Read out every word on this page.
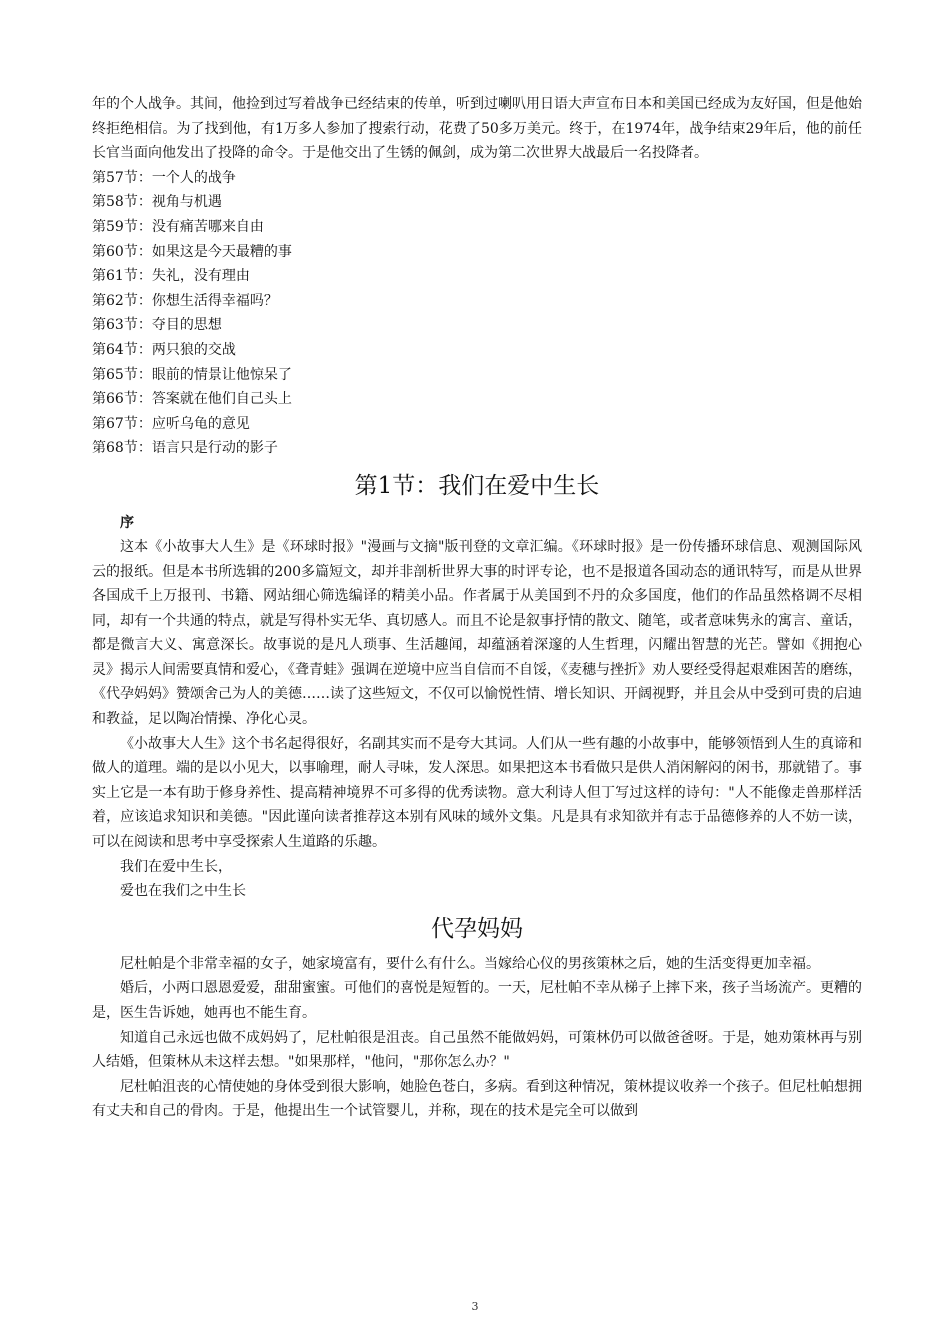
年的个人战争。其间，他捡到过写着战争已经结束的传单，听到过喇叭用日语大声宣布日本和美国已经成为友好国，但是他始终拒绝相信。为了找到他，有1万多人参加了搜索行动，花费了50多万美元。终于，在1974年，战争结束29年后，他的前任长官当面向他发出了投降的命令。于是他交出了生锈的佩剑，成为第二次世界大战最后一名投降者。

第57节：一个人的战争
第58节：视角与机遇
第59节：没有痛苦哪来自由
第60节：如果这是今天最糟的事
第61节：失礼，没有理由
第62节：你想生活得幸福吗？
第63节：夺目的思想
第64节：两只狼的交战
第65节：眼前的情景让他惊呆了
第66节：答案就在他们自己头上
第67节：应听乌龟的意见
第68节：语言只是行动的影子
第1节：我们在爱中生长
序

这本《小故事大人生》是《环球时报》"漫画与文摘"版刊登的文章汇编。《环球时报》是一份传播环球信息、观测国际风云的报纸。但是本书所选辑的200多篇短文，却并非剖析世界大事的时评专论，也不是报道各国动态的通讯特写，而是从世界各国成千上万报刊、书籍、网站细心筛选编译的精美小品。作者属于从美国到不丹的众多国度，他们的作品虽然格调不尽相同，却有一个共通的特点，就是写得朴实无华、真切感人。而且不论是叙事抒情的散文、随笔，或者意味隽永的寓言、童话，都是微言大义、寓意深长。故事说的是凡人琐事、生活趣闻，却蕴涵着深邃的人生哲理，闪耀出智慧的光芒。譬如《拥抱心灵》揭示人间需要真情和爱心，《聋青蛙》强调在逆境中应当自信而不自馁，《麦穗与挫折》劝人要经受得起艰难困苦的磨练，《代孕妈妈》赞颂舍己为人的美德……读了这些短文，不仅可以愉悦性情、增长知识、开阔视野，并且会从中受到可贵的启迪和教益，足以陶冶情操、净化心灵。

《小故事大人生》这个书名起得很好，名副其实而不是夸大其词。人们从一些有趣的小故事中，能够领悟到人生的真谛和做人的道理。端的是以小见大，以事喻理，耐人寻味，发人深思。如果把这本书看做只是供人消闲解闷的闲书，那就错了。事实上它是一本有助于修身养性、提高精神境界不可多得的优秀读物。意大利诗人但丁写过这样的诗句："人不能像走兽那样活着，应该追求知识和美德。"因此谨向读者推荐这本别有风味的域外文集。凡是具有求知欲并有志于品德修养的人不妨一读，可以在阅读和思考中享受探索人生道路的乐趣。

我们在爱中生长，

爱也在我们之中生长

代孕妈妈

尼杜帕是个非常幸福的女子，她家境富有，要什么有什么。当嫁给心仪的男孩策林之后，她的生活变得更加幸福。

婚后，小两口恩恩爱爱，甜甜蜜蜜。可他们的喜悦是短暂的。一天，尼杜帕不幸从梯子上摔下来，孩子当场流产。更糟的是，医生告诉她，她再也不能生育。

知道自己永远也做不成妈妈了，尼杜帕很是沮丧。自己虽然不能做妈妈，可策林仍可以做爸爸呀。于是，她劝策林再与别人结婚，但策林从未这样去想。"如果那样，"他问，"那你怎么办？"

尼杜帕沮丧的心情使她的身体受到很大影响，她脸色苍白，多病。看到这种情况，策林提议收养一个孩子。但尼杜帕想拥有丈夫和自己的骨肉。于是，他提出生一个试管婴儿，并称，现在的技术是完全可以做到

3
